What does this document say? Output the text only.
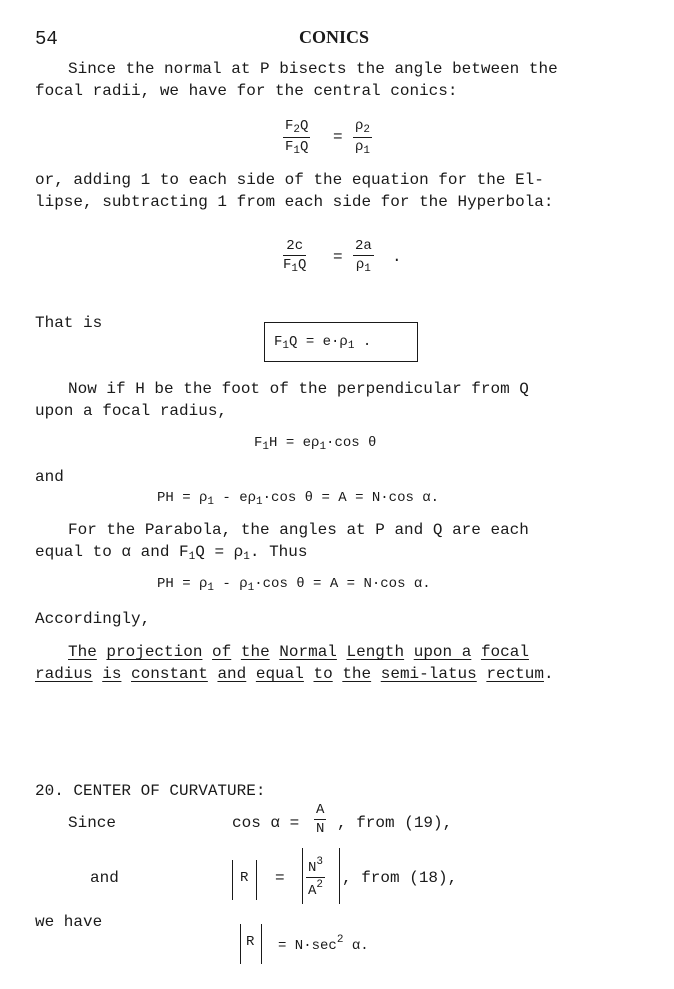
54	CONICS
Since the normal at P bisects the angle between the
focal radii, we have for the central conics:
$\frac{F_2Q}{F_1Q} = \frac{\rho_2}{\rho_1}$
or, adding 1 to each side of the equation for the El-
lipse, subtracting 1 from each side for the Hyperbola:
$\frac{2c}{F_1Q} = \frac{2a}{\rho_1}$ .
That is
$F_1Q = e\cdot\rho_1$ .
Now if H be the foot of the perpendicular from Q
upon a focal radius,
$F_1H = e\rho_1\cdot\cos$ θ
and
PH = $\rho_1 - e\rho_1\cdot\cos$ θ = A = N·cos α.
For the Parabola, the angles at P and Q are each
equal to α and $F_1Q = \rho_1$. Thus
PH = $\rho_1 - \rho_1\cdot\cos$ θ = A = N·cos α.
Accordingly,
The projection of the Normal Length upon a focal
radius is constant and equal to the semi-latus rectum.
20. CENTER OF CURVATURE:
Since	$\cos \alpha = \frac{A}{N}$ , from (19),
and	$R = \frac{N^3}{A^2}$ , from (18),
we have
$R = N\cdot\sec^2$ α.
